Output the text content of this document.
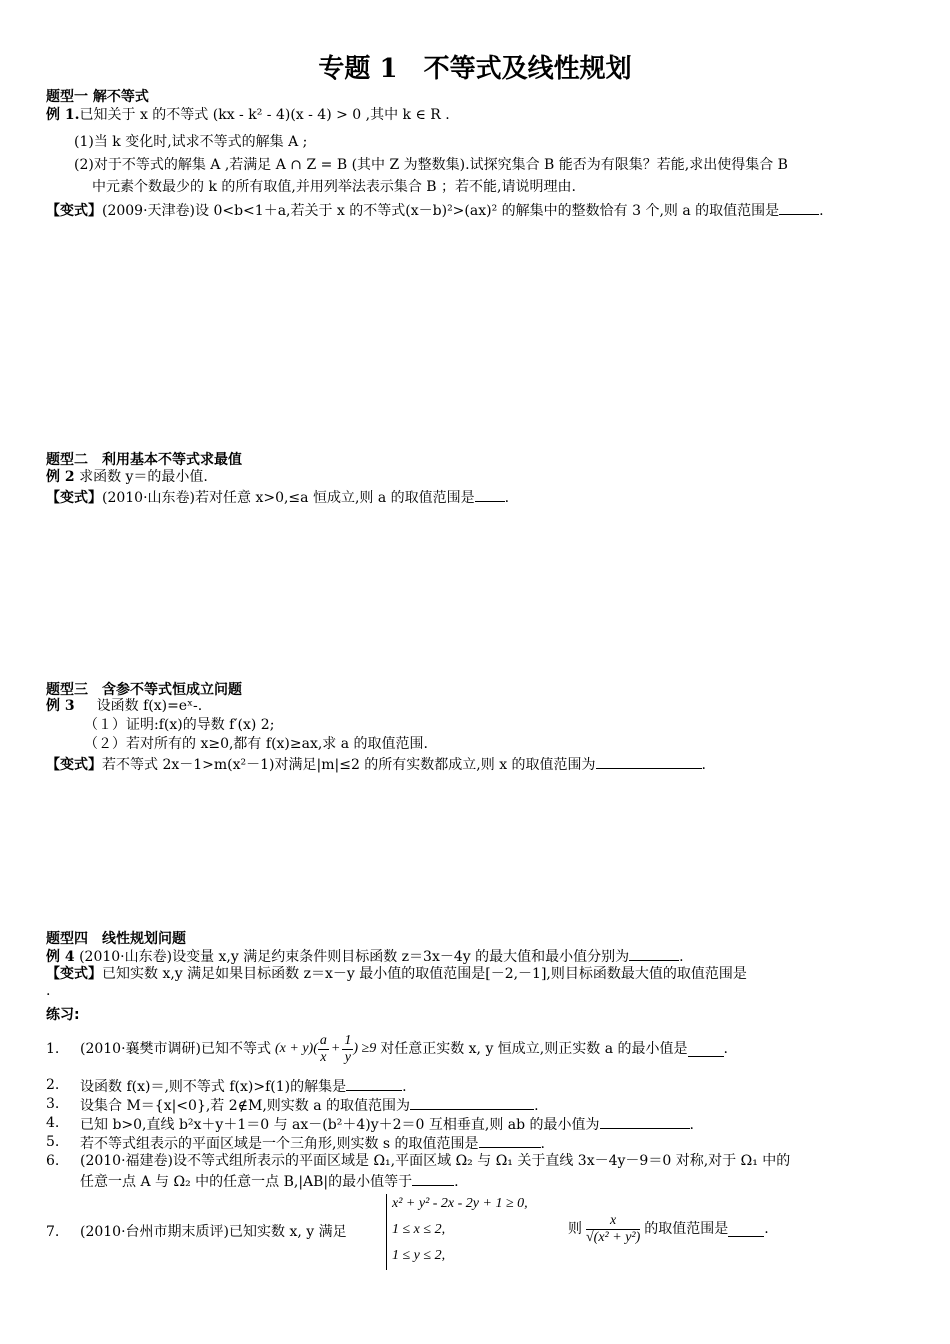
专题 1　不等式及线性规划
题型一 解不等式
例 1.已知关于 x 的不等式 (kx - k² - 4)(x - 4) > 0 ,其中 k ∈ R .
(1)当 k 变化时,试求不等式的解集 A ;
(2)对于不等式的解集 A ,若满足 A ∩ Z = B (其中 Z 为整数集).试探究集合 B 能否为有限集？若能,求出使得集合 B
中元素个数最少的 k 的所有取值,并用列举法表示集合 B ；若不能,请说明理由.
【变式】(2009·天津卷)设 0<b<1＋a,若关于 x 的不等式(x－b)²>(ax)² 的解集中的整数恰有 3 个,则 a 的取值范围是	.
题型二　利用基本不等式求最值
例 2 求函数 y＝的最小值.
【变式】(2010·山东卷)若对任意 x>0,≤a 恒成立,则 a 的取值范围是 .
题型三　含参不等式恒成立问题
例 3 设函数 f(x)=eˣ-.
（１）证明:f(x)的导数 f′(x) 2;
（２）若对所有的 x≥0,都有 f(x)≥ax,求 a 的取值范围.
【变式】若不等式 2x－1>m(x²－1)对满足|m|≤2 的所有实数都成立,则 x 的取值范围为	.
题型四　线性规划问题
例 4 (2010·山东卷)设变量 x,y 满足约束条件则目标函数 z＝3x－4y 的最大值和最小值分别为	.
【变式】已知实数 x,y 满足如果目标函数 z＝x－y 最小值的取值范围是[－2,－1],则目标函数最大值的取值范围是
.
练习:
1. (2010·襄樊市调研)已知不等式 $(x + y)( \frac{a}{x} + \frac{1}{y}$ ) ≥9 对任意正实数 x, y 恒成立,则正实数 a 的最小值是	.
2. 设函数 f(x)＝,则不等式 f(x)>f(1)的解集是	.
3. 设集合 M＝{x|<0},若 2∉M,则实数 a 的取值范围为	.
4. 已知 b>0,直线 b²x＋y＋1＝0 与 ax－(b²＋4)y＋2＝0 互相垂直,则 ab 的最小值为	.
5. 若不等式组表示的平面区域是一个三角形,则实数 s 的取值范围是	.
6. (2010·福建卷)设不等式组所表示的平面区域是 Ω₁,平面区域 Ω₂ 与 Ω₁ 关于直线 3x－4y－9＝0 对称,对于 Ω₁ 中的
任意一点 A 与 Ω₂ 中的任意一点 B,|AB|的最小值等于	.
7. (2010·台州市期末质评)已知实数 x, y 满足
x² + y² - 2x - 2y + 1 ≥ 0,
1 ≤ x ≤ 2,
1 ≤ y ≤ 2,
则 $\frac{x}{\text{√(x² + y²)}}$ 的取值范围是	.
